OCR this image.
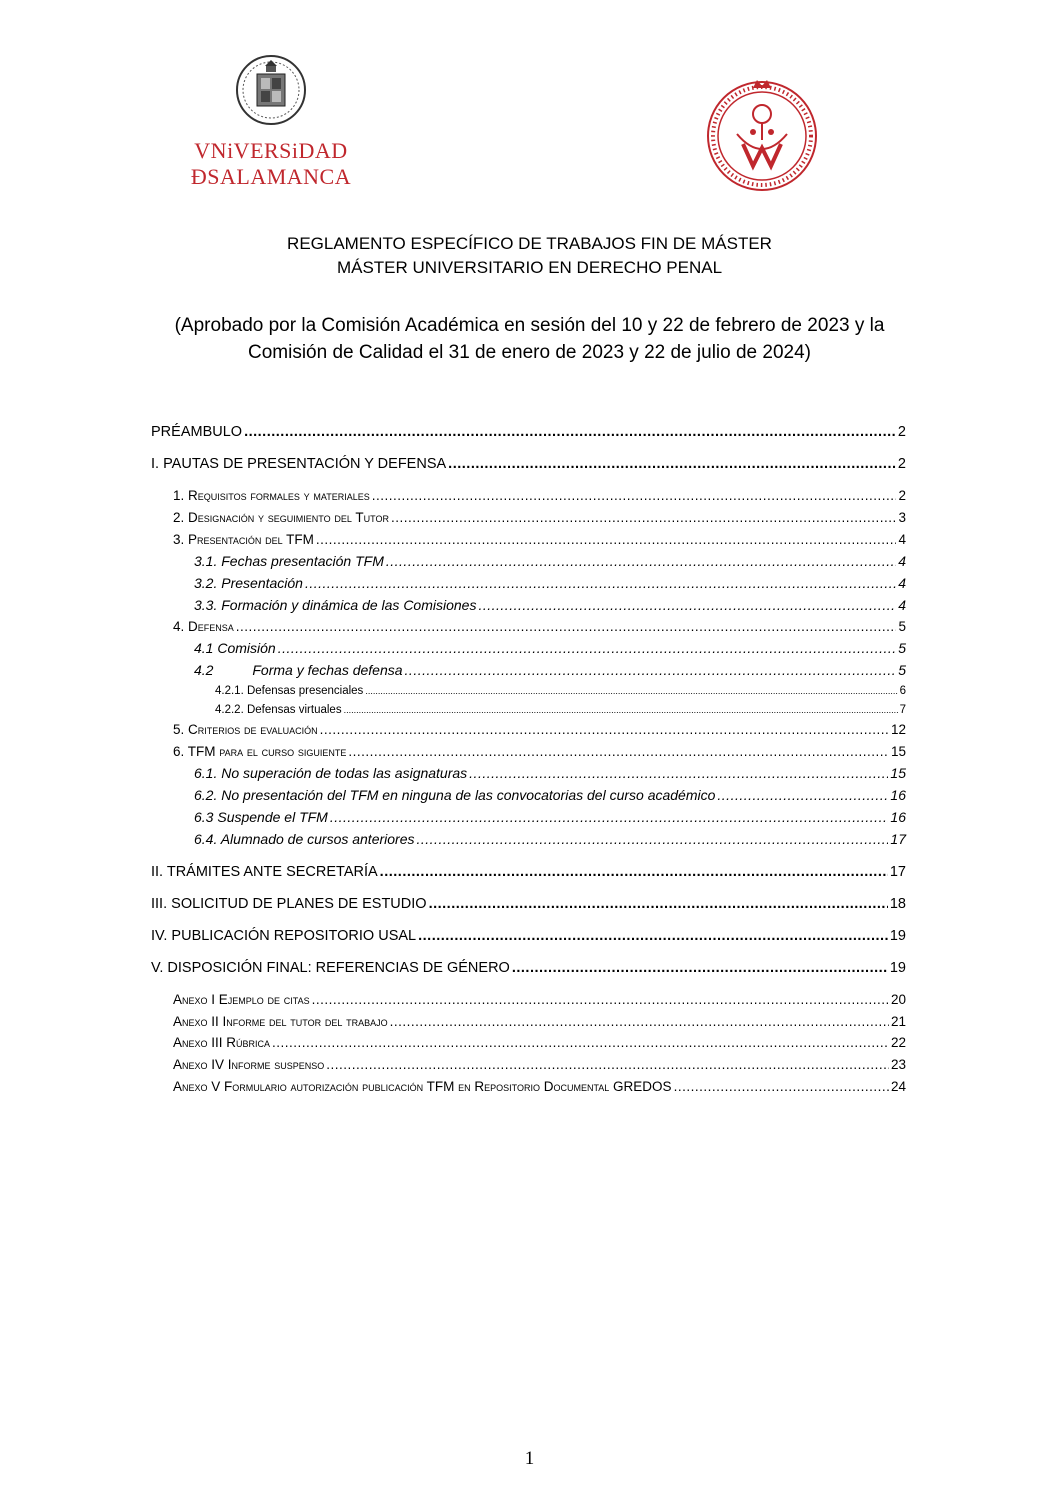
VNiVERSiDAD
ÐSALAMANCA
REGLAMENTO ESPECÍFICO DE TRABAJOS FIN DE MÁSTER
MÁSTER UNIVERSITARIO EN DERECHO PENAL
(Aprobado por la Comisión Académica en sesión del 10 y 22 de febrero de 2023 y la
Comisión de Calidad el 31 de enero de 2023 y 22 de julio de 2024)
PRÉAMBULO .....	2
I. PAUTAS DE PRESENTACIÓN Y DEFENSA .....	2
1. Requisitos formales y materiales .....	2
2. Designación y seguimiento del Tutor .....	3
3. Presentación del TFM .....	4
3.1. Fechas presentación TFM .....	4
3.2. Presentación .....	4
3.3. Formación y dinámica de las Comisiones .....	4
4. Defensa .....	5
4.1 Comisión .....	5
4.2          Forma y fechas defensa .....	5
4.2.1. Defensas presenciales .....	6
4.2.2. Defensas virtuales .....	7
5. Criterios de evaluación .....	12
6. TFM para el curso siguiente .....	15
6.1. No superación de todas las asignaturas .....	15
6.2. No presentación del TFM en ninguna de las convocatorias del curso académico .....	16
6.3 Suspende el TFM .....	16
6.4. Alumnado de cursos anteriores .....	17
II. TRÁMITES ANTE SECRETARÍA .....	17
III. SOLICITUD DE PLANES DE ESTUDIO .....	18
IV. PUBLICACIÓN REPOSITORIO USAL .....	19
V. DISPOSICIÓN FINAL: REFERENCIAS DE GÉNERO .....	19
Anexo I Ejemplo de citas .....	20
Anexo II Informe del tutor del trabajo .....	21
Anexo III Rúbrica .....	22
Anexo IV Informe suspenso .....	23
Anexo V Formulario autorización publicación TFM en Repositorio Documental GREDOS .....	24
1
